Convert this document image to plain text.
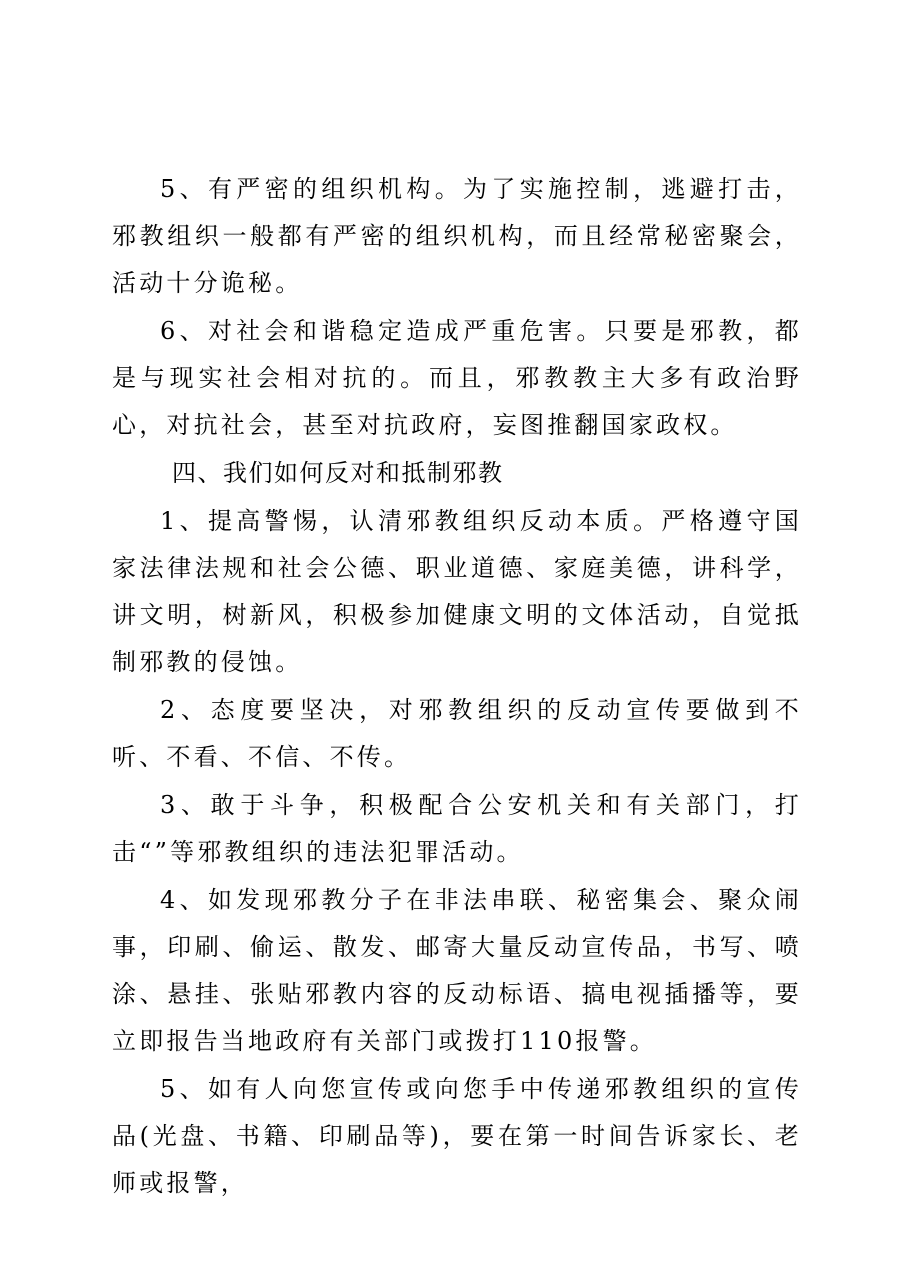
5、有严密的组织机构。为了实施控制，逃避打击，邪教组织一般都有严密的组织机构，而且经常秘密聚会，活动十分诡秘。

6、对社会和谐稳定造成严重危害。只要是邪教，都是与现实社会相对抗的。而且，邪教教主大多有政治野心，对抗社会，甚至对抗政府，妄图推翻国家政权。

四、我们如何反对和抵制邪教

1、提高警惕，认清邪教组织反动本质。严格遵守国家法律法规和社会公德、职业道德、家庭美德，讲科学，讲文明，树新风，积极参加健康文明的文体活动，自觉抵制邪教的侵蚀。

2、态度要坚决，对邪教组织的反动宣传要做到不听、不看、不信、不传。

3、敢于斗争，积极配合公安机关和有关部门，打击“”等邪教组织的违法犯罪活动。

4、如发现邪教分子在非法串联、秘密集会、聚众闹事，印刷、偷运、散发、邮寄大量反动宣传品，书写、喷涂、悬挂、张贴邪教内容的反动标语、搞电视插播等，要立即报告当地政府有关部门或拨打110报警。

5、如有人向您宣传或向您手中传递邪教组织的宣传品(光盘、书籍、印刷品等)，要在第一时间告诉家长、老师或报警，
